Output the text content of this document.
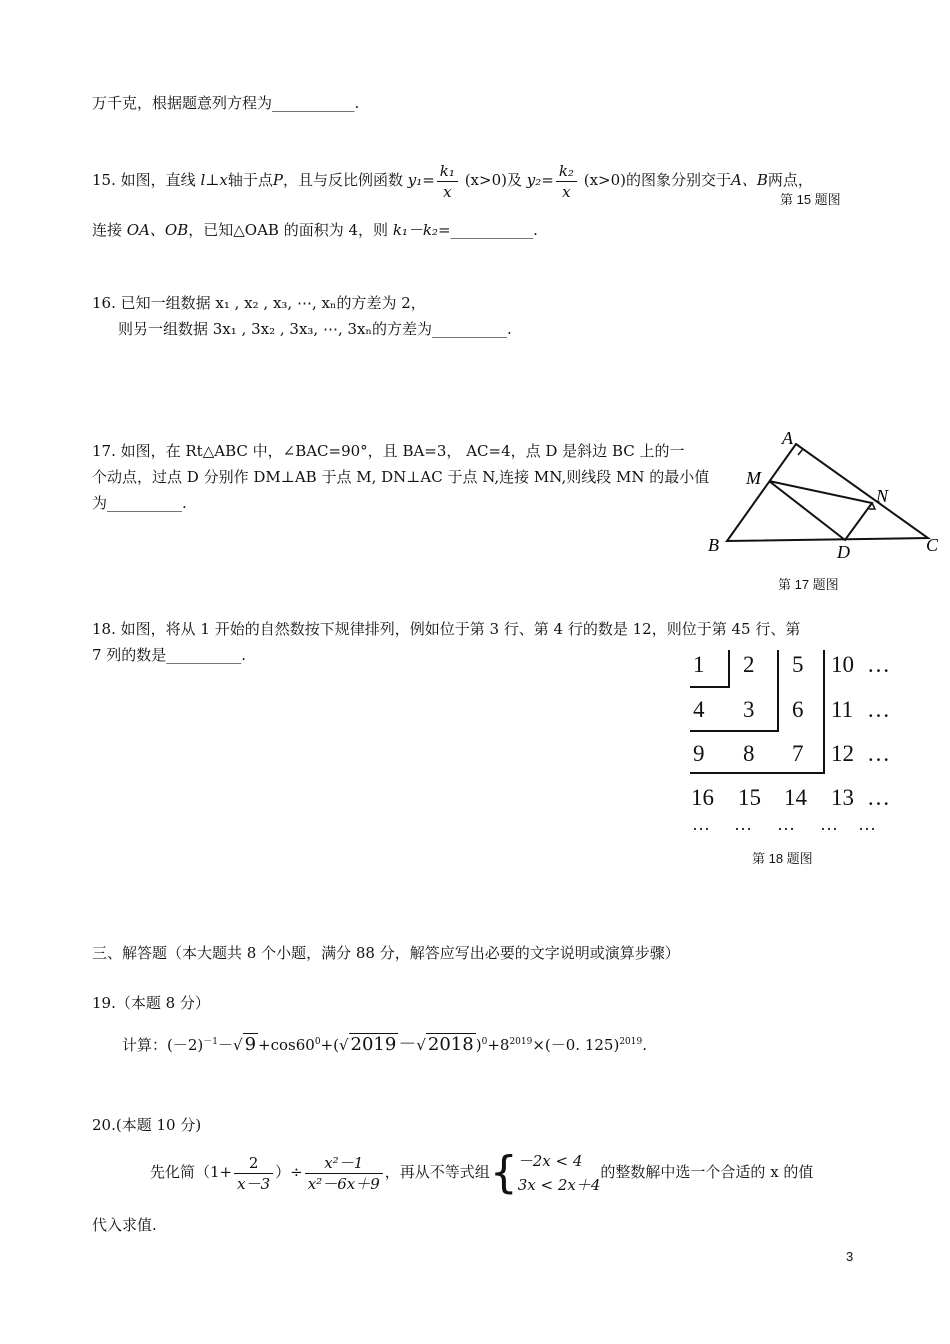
万千克，根据题意列方程为___________.
15. 如图，直线 l⊥x轴于点P，且与反比例函数 $y_1= \frac{\text{k₁}}{x} (x>0)$及 $y_2= \frac{\text{k₂}}{x} (x>0)$的图象分别交于A、B两点，
第 15 题图
连接 OA、OB，已知△OAB 的面积为 4，则 k₁－k₂=___________.
16. 已知一组数据 x₁ , x₂ , x₃, ⋯, xₙ的方差为 2，
则另一组数据 3x₁ , 3x₂ , 3x₃, ⋯, 3xₙ的方差为__________.
17. 如图，在 Rt△ABC 中，∠BAC=90°，且 BA=3， AC=4，点 D 是斜边 BC 上的一
个动点，过点 D 分别作 DM⊥AB 于点 M, DN⊥AC 于点 N,连接 MN,则线段 MN 的最小值
为__________.
A
B	C
D
M
N
第 17 题图
18. 如图，将从 1 开始的自然数按下规律排列，例如位于第 3 行、第 4 行的数是 12，则位于第 45 行、第
7 列的数是__________.	1 2 5 10 …
4 3 6 11 …
9 8 7 12 …
16 15 14 13 …
… … … … …
第 18 题图
三、解答题（本大题共 8 个小题，满分 88 分，解答应写出必要的文字说明或演算步骤）
19.（本题 8 分）
计算：$(-2)^{-1}-√$ $9 +\cos 60^0+(√$ 2019 －√ 2018 )$^0+8^{2019}\times(-0$. 125)$^{2019}$.
20.(本题 10 分)
先化简（$1+ \frac{2}{x-3}$ ）÷ $\frac{\text{x²－1}}{\text{x²－6x＋9}}$ ，再从不等式组{ －2x < 4
3x < 2x＋4
的整数解中选一个合适的 x 的值
代入求值.
3
